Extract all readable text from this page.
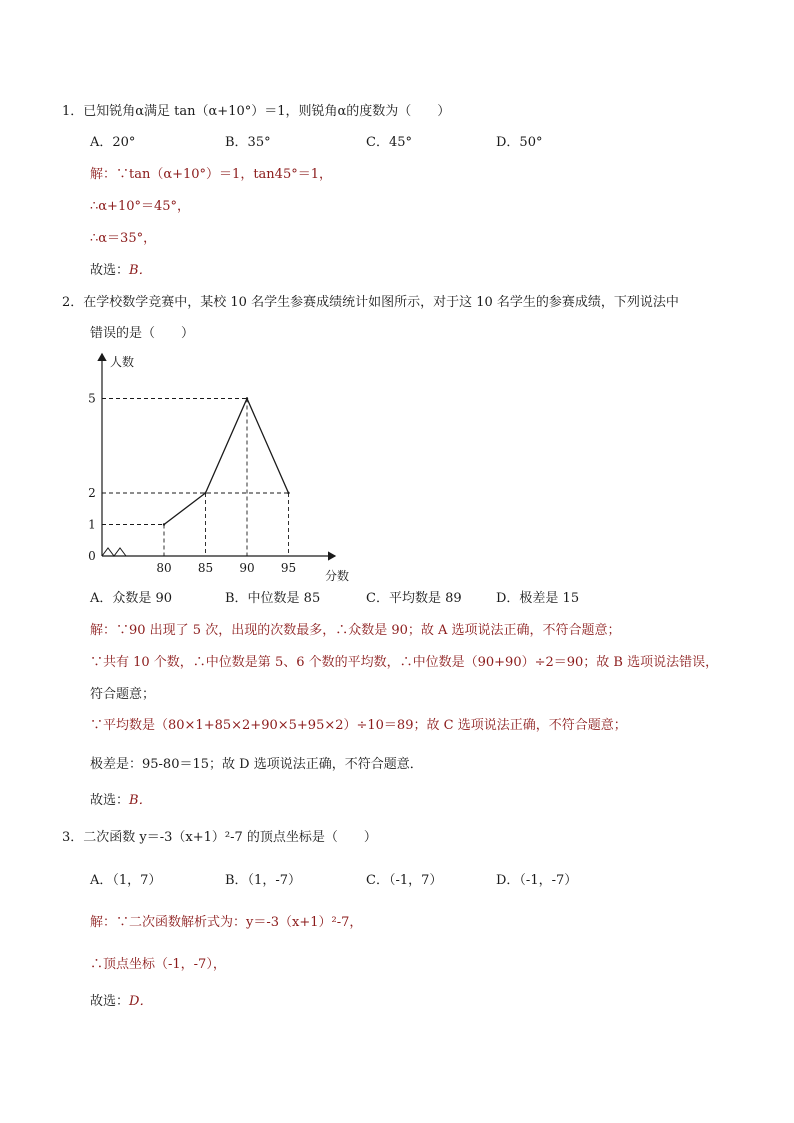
1．已知锐角α满足 tan（α+10°）＝1，则锐角α的度数为（　　）
A．20°	B．35°	C．45°	D．50°
解：∵tan（α+10°）＝1，tan45°＝1，
∴α+10°＝45°，
∴α＝35°，
故选：B．
2．在学校数学竞赛中，某校 10 名学生参赛成绩统计如图所示，对于这 10 名学生的参赛成绩，下列说法中
错误的是（　　）
人数
分数
0
1
2
5
80 85 90 95
A．众数是 90	B．中位数是 85	C．平均数是 89	D．极差是 15
解：∵90 出现了 5 次，出现的次数最多，∴众数是 90；故 A 选项说法正确，不符合题意；
∵共有 10 个数，∴中位数是第 5、6 个数的平均数，∴中位数是（90+90）÷2＝90；故 B 选项说法错误，
符合题意；
∵平均数是（80×1+85×2+90×5+95×2）÷10＝89；故 C 选项说法正确，不符合题意；
极差是：95-80＝15；故 D 选项说法正确，不符合题意．
故选：B．
3．二次函数 y＝-3（x+1）²-7 的顶点坐标是（　　）
A．（1，7）	B．（1，-7）	C．（-1，7）	D．（-1，-7）
解：∵二次函数解析式为：y＝-3（x+1）²-7，
∴顶点坐标（-1，-7），
故选：D．
